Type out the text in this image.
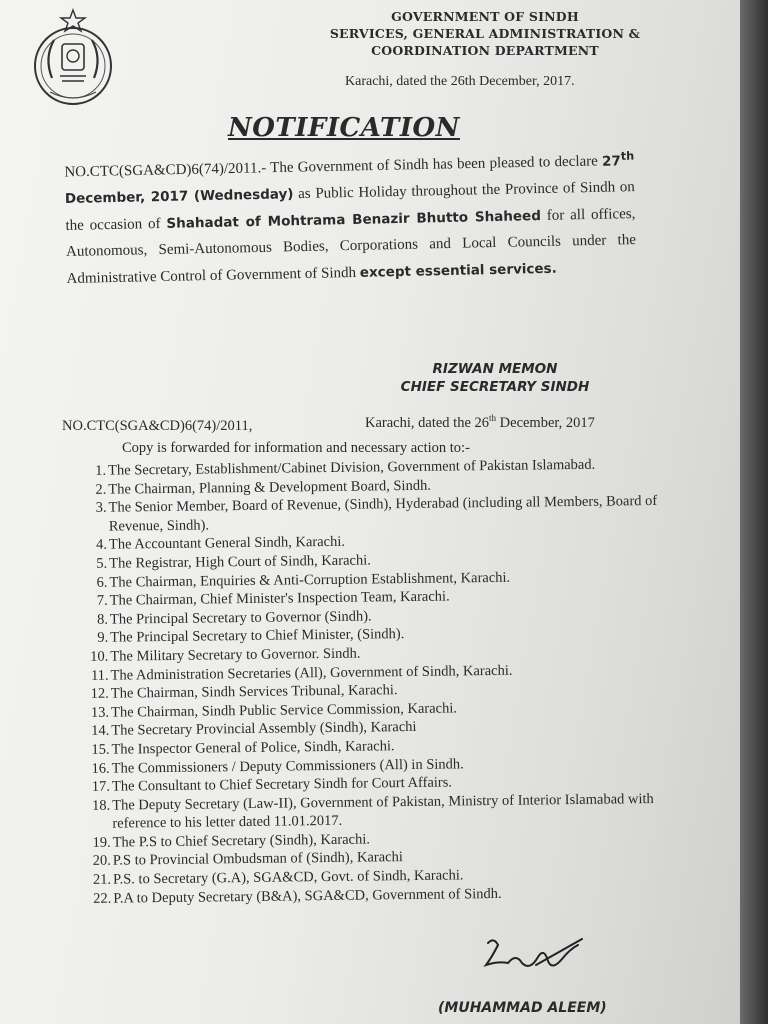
GOVERNMENT OF SINDH
SERVICES, GENERAL ADMINISTRATION &
COORDINATION DEPARTMENT
Karachi, dated the 26th December, 2017.
NOTIFICATION
NO.CTC(SGA&CD)6(74)/2011.- The Government of Sindh has been pleased to declare 27th December, 2017 (Wednesday) as Public Holiday throughout the Province of Sindh on the occasion of Shahadat of Mohtrama Benazir Bhutto Shaheed for all offices, Autonomous, Semi-Autonomous Bodies, Corporations and Local Councils under the Administrative Control of Government of Sindh except essential services.
RIZWAN MEMON
CHIEF SECRETARY SINDH
NO.CTC(SGA&CD)6(74)/2011,	Karachi, dated the 26th December, 2017
Copy is forwarded for information and necessary action to:-
1. The Secretary, Establishment/Cabinet Division, Government of Pakistan Islamabad.
2. The Chairman, Planning & Development Board, Sindh.
3. The Senior Member, Board of Revenue, (Sindh), Hyderabad (including all Members, Board of Revenue, Sindh).
4. The Accountant General Sindh, Karachi.
5. The Registrar, High Court of Sindh, Karachi.
6. The Chairman, Enquiries & Anti-Corruption Establishment, Karachi.
7. The Chairman, Chief Minister's Inspection Team, Karachi.
8. The Principal Secretary to Governor (Sindh).
9. The Principal Secretary to Chief Minister, (Sindh).
10. The Military Secretary to Governor. Sindh.
11. The Administration Secretaries (All), Government of Sindh, Karachi.
12. The Chairman, Sindh Services Tribunal, Karachi.
13. The Chairman, Sindh Public Service Commission, Karachi.
14. The Secretary Provincial Assembly (Sindh), Karachi
15. The Inspector General of Police, Sindh, Karachi.
16. The Commissioners / Deputy Commissioners (All) in Sindh.
17. The Consultant to Chief Secretary Sindh for Court Affairs.
18. The Deputy Secretary (Law-II), Government of Pakistan, Ministry of Interior Islamabad with reference to his letter dated 11.01.2017.
19. The P.S to Chief Secretary (Sindh), Karachi.
20. P.S to Provincial Ombudsman of (Sindh), Karachi
21. P.S. to Secretary (G.A), SGA&CD, Govt. of Sindh, Karachi.
22. P.A to Deputy Secretary (B&A), SGA&CD, Government of Sindh.
(MUHAMMAD ALEEM)
